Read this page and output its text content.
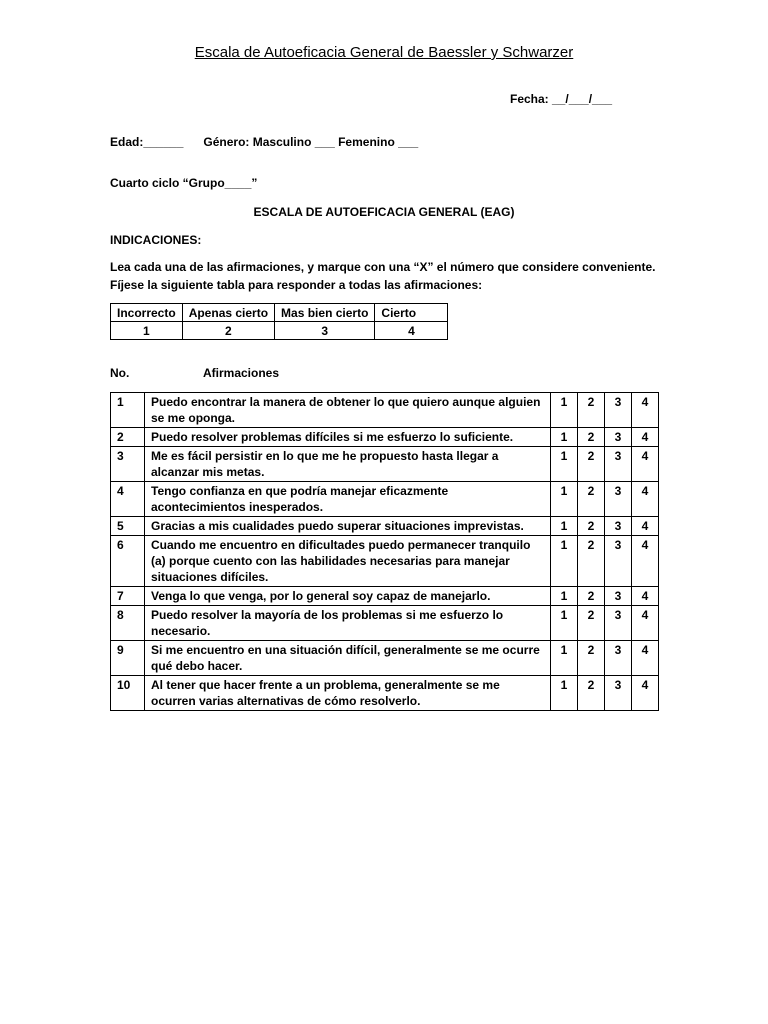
Escala de Autoeficacia General de Baessler y Schwarzer
Fecha: __/___/___
Edad:______ Género: Masculino ___ Femenino ___
Cuarto ciclo “Grupo____”
ESCALA DE AUTOEFICACIA GENERAL (EAG)
INDICACIONES:
Lea cada una de las afirmaciones, y marque con una “X” el número que considere conveniente.
Fíjese la siguiente tabla para responder a todas las afirmaciones:
Incorrecto	Apenas cierto	Mas bien cierto	Cierto
1	2	3	4
No.	Afirmaciones
1	Puedo encontrar la manera de obtener lo que quiero aunque alguien se me oponga.	1	2	3	4
2	Puedo resolver problemas difíciles si me esfuerzo lo suficiente.	1	2	3	4
3	Me es fácil persistir en lo que me he propuesto hasta llegar a alcanzar mis metas.	1	2	3	4
4	Tengo confianza en que podría manejar eficazmente acontecimientos inesperados.	1	2	3	4
5	Gracias a mis cualidades puedo superar situaciones imprevistas.	1	2	3	4
6	Cuando me encuentro en dificultades puedo permanecer tranquilo (a) porque cuento con las habilidades necesarias para manejar situaciones difíciles.	1	2	3	4
7	Venga lo que venga, por lo general soy capaz de manejarlo.	1	2	3	4
8	Puedo resolver la mayoría de los problemas si me esfuerzo lo necesario.	1	2	3	4
9	Si me encuentro en una situación difícil, generalmente se me ocurre qué debo hacer.	1	2	3	4
10	Al tener que hacer frente a un problema, generalmente se me ocurren varias alternativas de cómo resolverlo.	1	2	3	4
